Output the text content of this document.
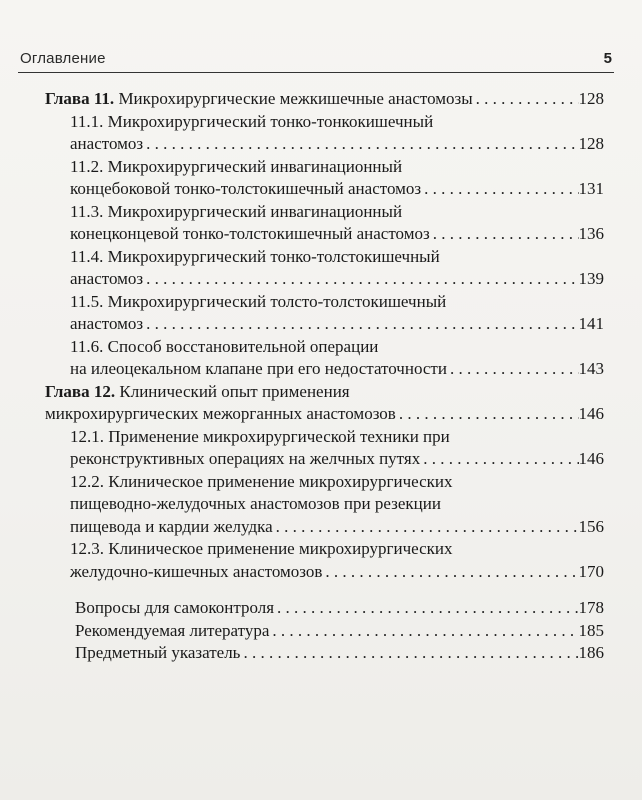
Оглавление	5
Глава 11. Микрохирургические межкишечные анастомозы . . .	128
11.1. Микрохирургический тонко-тонкокишечный
анастомоз . . .	128
11.2. Микрохирургический инвагинационный
концебоковой тонко-толстокишечный анастомоз . . .	131
11.3. Микрохирургический инвагинационный
конецконцевой тонко-толстокишечный анастомоз . . .	136
11.4. Микрохирургический тонко-толстокишечный
анастомоз . . .	139
11.5. Микрохирургический толсто-толстокишечный
анастомоз . . .	141
11.6. Способ восстановительной операции
на илеоцекальном клапане при его недостаточности . . .	143
Глава 12. Клинический опыт применения
микрохирургических межорганных анастомозов . . .	146
12.1. Применение микрохирургической техники при
реконструктивных операциях на желчных путях . . .	146
12.2. Клиническое применение микрохирургических
пищеводно-желудочных анастомозов при резекции
пищевода и кардии желудка . . .	156
12.3. Клиническое применение микрохирургических
желудочно-кишечных анастомозов . . .	170
Вопросы для самоконтроля . . .	178
Рекомендуемая литература . . .	185
Предметный указатель . . .	186
